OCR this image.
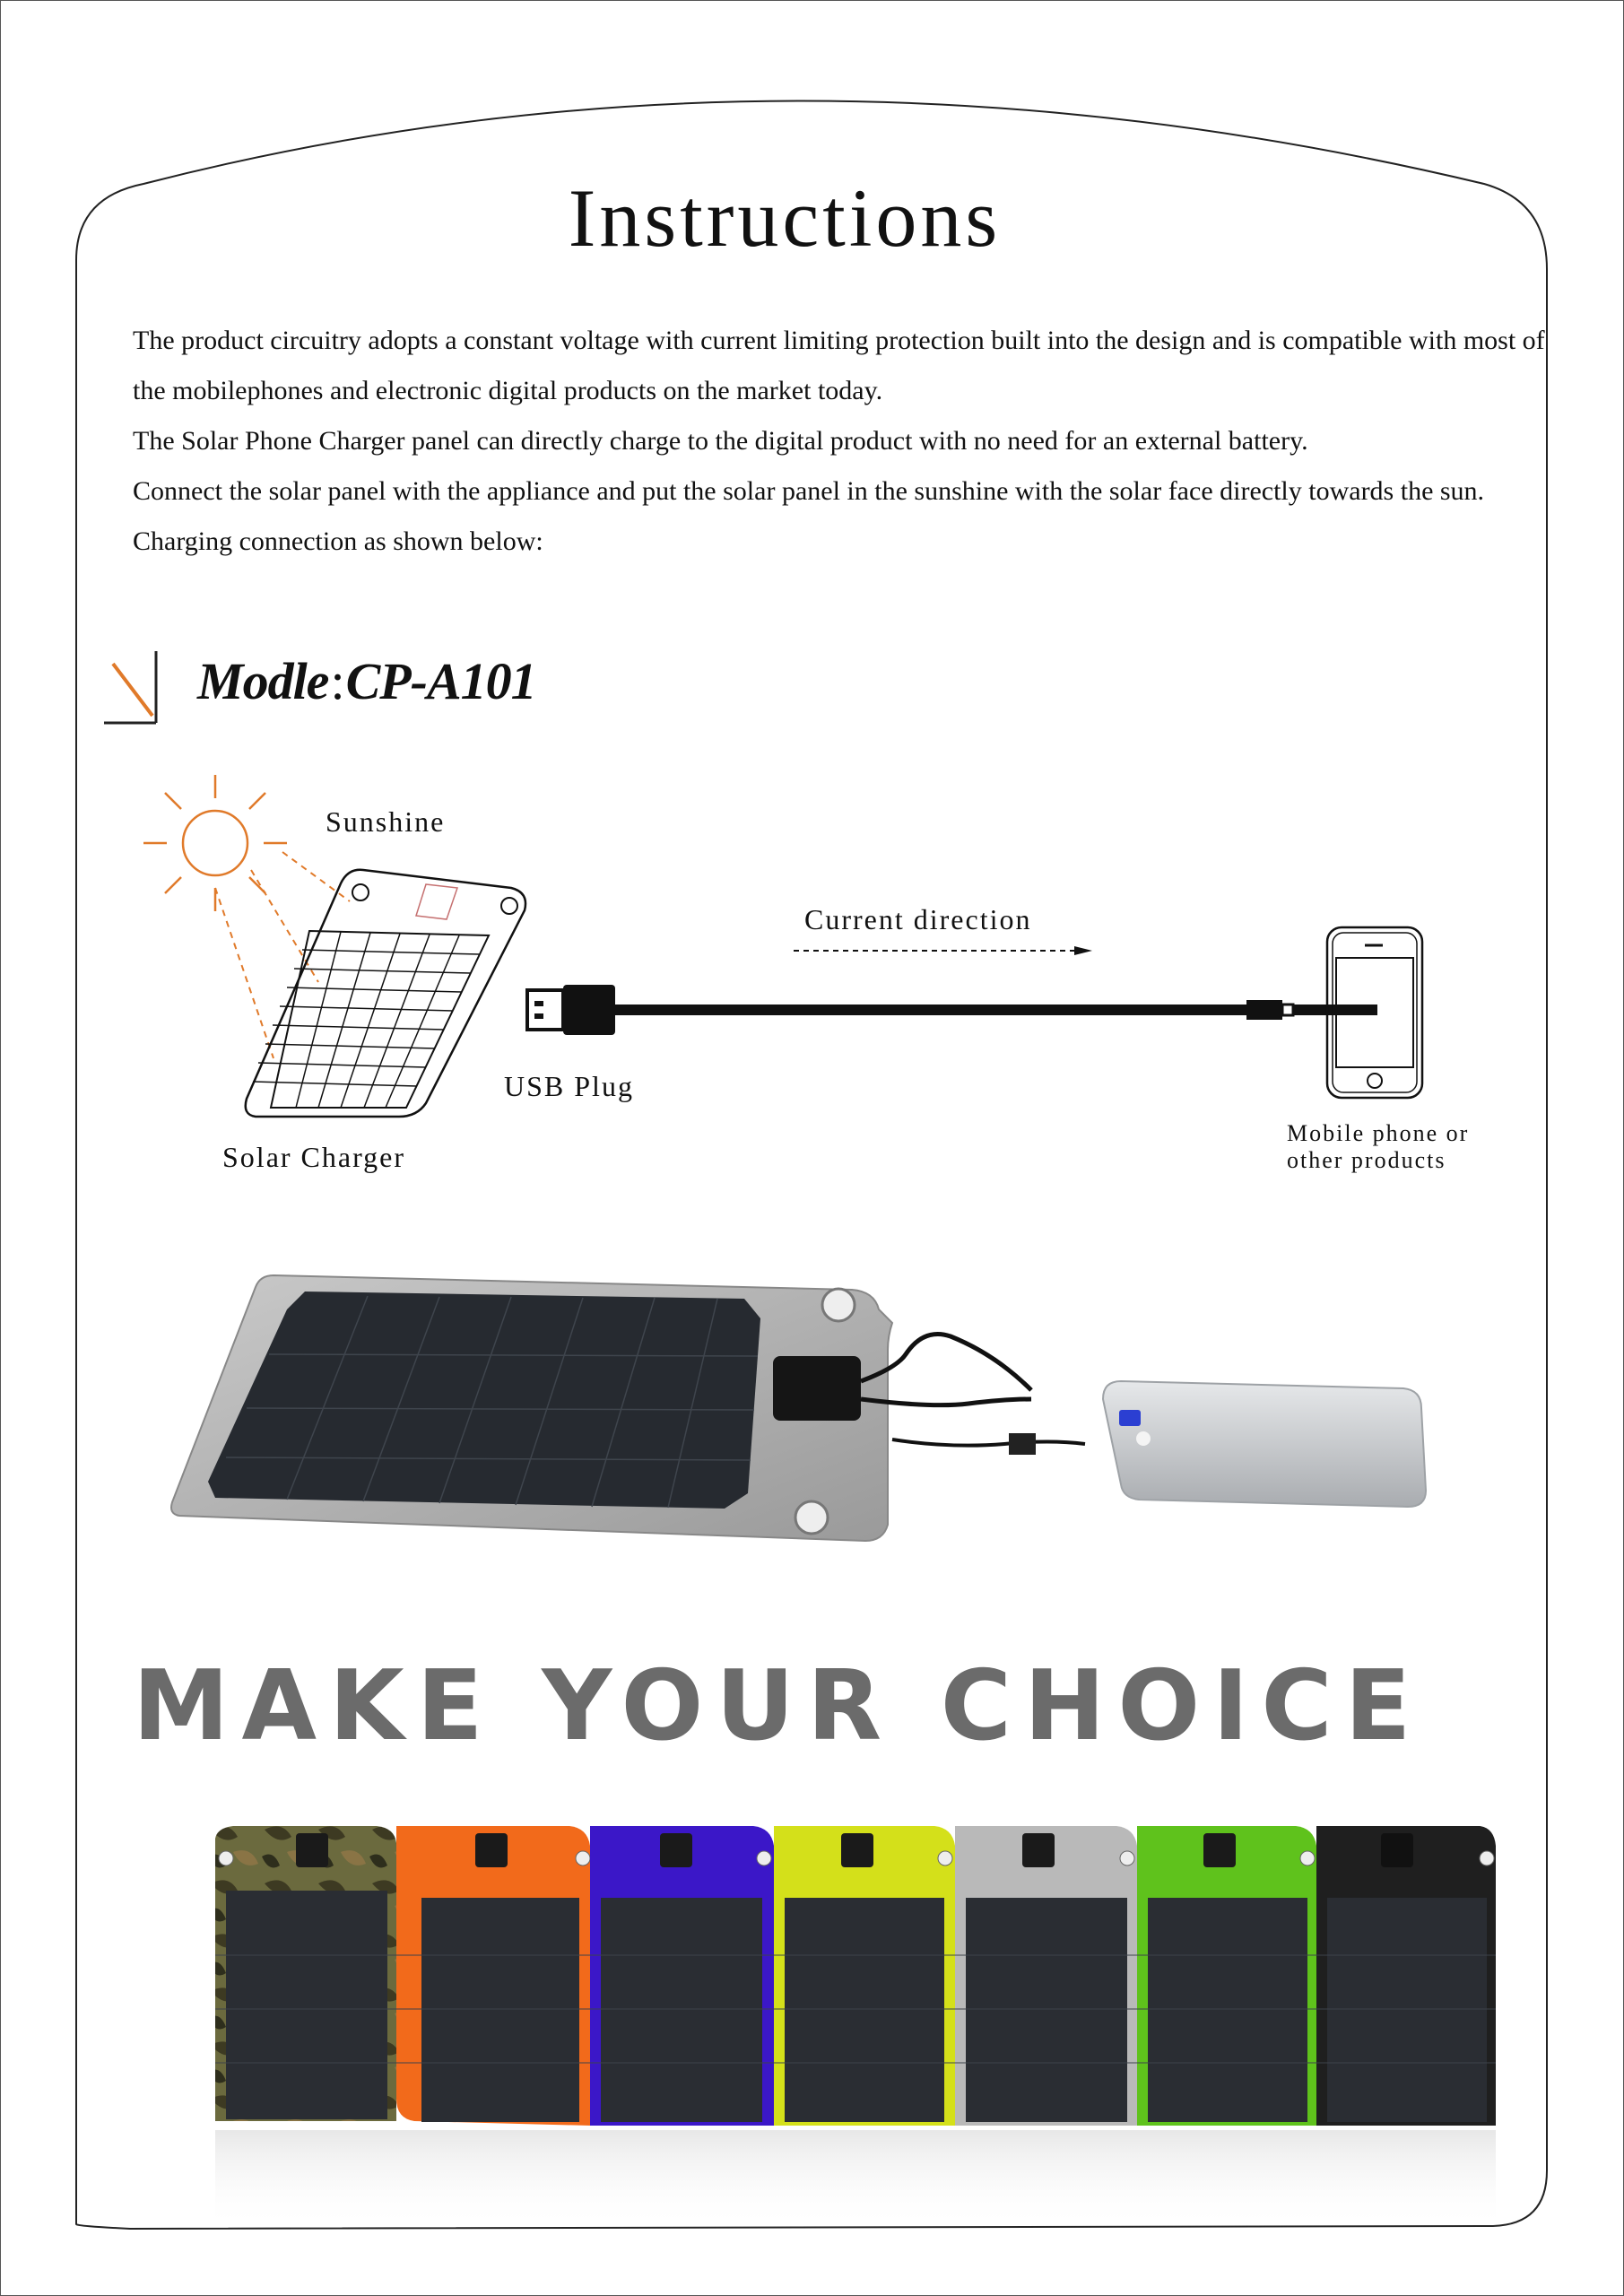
Instructions

The product circuitry adopts a constant voltage with current limiting protection built into the design and is compatible with most of the mobilephones and electronic digital products on the market today.

The Solar Phone Charger panel can directly charge to the digital product with no need for an external battery.

Connect the solar panel with the appliance and put the solar panel in the sunshine with the solar face directly towards the sun.

Charging connection as shown below:

Modle:CP-A101
Sunshine
Current direction
USB Plug
Solar Charger
Mobile phone or
other products
MAKE YOUR CHOICE
